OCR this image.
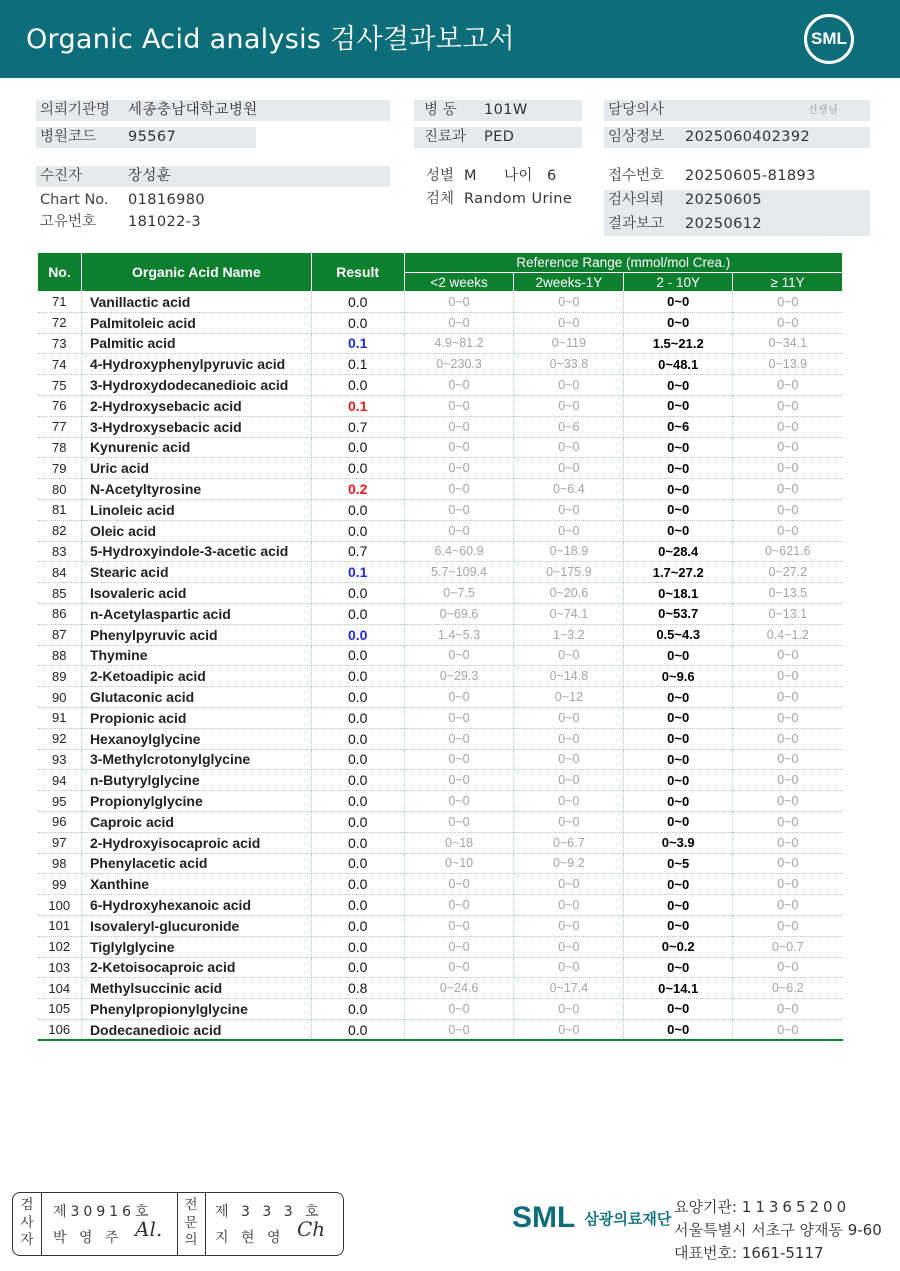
Organic Acid analysis 검사결과보고서	SML
의뢰기관명 세종충남대학교병원
병원코드 95567
수진자	장성훈
Chart No. 01816980
고유번호 181022-3
병 동 101W
진료과 PED
성별 M 나이 6
검체 Random Urine
담당의사	선생님
임상정보 2025060402392
접수번호 20250605-81893
검사의뢰 20250605
결과보고 20250612
No.	Organic Acid Name	Result	Reference Range (mmol/mol Crea.)			
			<2 weeks	2weeks-1Y	2 - 10Y	≥ 11Y
71	Vanillactic acid	0.0	0~0	0~0	0~0	0~0
72	Palmitoleic acid	0.0	0~0	0~0	0~0	0~0
73	Palmitic acid	0.1	4.9~81.2	0~119	1.5~21.2	0~34.1
74	4-Hydroxyphenylpyruvic acid	0.1	0~230.3	0~33.8	0~48.1	0~13.9
75	3-Hydroxydodecanedioic acid	0.0	0~0	0~0	0~0	0~0
76	2-Hydroxysebacic acid	0.1	0~0	0~0	0~0	0~0
77	3-Hydroxysebacic acid	0.7	0~0	0~6	0~6	0~0
78	Kynurenic acid	0.0	0~0	0~0	0~0	0~0
79	Uric acid	0.0	0~0	0~0	0~0	0~0
80	N-Acetyltyrosine	0.2	0~0	0~6.4	0~0	0~0
81	Linoleic acid	0.0	0~0	0~0	0~0	0~0
82	Oleic acid	0.0	0~0	0~0	0~0	0~0
83	5-Hydroxyindole-3-acetic acid	0.7	6.4~60.9	0~18.9	0~28.4	0~621.6
84	Stearic acid	0.1	5.7~109.4	0~175.9	1.7~27.2	0~27.2
85	Isovaleric acid	0.0	0~7.5	0~20.6	0~18.1	0~13.5
86	n-Acetylaspartic acid	0.0	0~69.6	0~74.1	0~53.7	0~13.1
87	Phenylpyruvic acid	0.0	1.4~5.3	1~3.2	0.5~4.3	0.4~1.2
88	Thymine	0.0	0~0	0~0	0~0	0~0
89	2-Ketoadipic acid	0.0	0~29.3	0~14.8	0~9.6	0~0
90	Glutaconic acid	0.0	0~0	0~12	0~0	0~0
91	Propionic acid	0.0	0~0	0~0	0~0	0~0
92	Hexanoylglycine	0.0	0~0	0~0	0~0	0~0
93	3-Methylcrotonylglycine	0.0	0~0	0~0	0~0	0~0
94	n-Butyrylglycine	0.0	0~0	0~0	0~0	0~0
95	Propionylglycine	0.0	0~0	0~0	0~0	0~0
96	Caproic acid	0.0	0~0	0~0	0~0	0~0
97	2-Hydroxyisocaproic acid	0.0	0~18	0~6.7	0~3.9	0~0
98	Phenylacetic acid	0.0	0~10	0~9.2	0~5	0~0
99	Xanthine	0.0	0~0	0~0	0~0	0~0
100	6-Hydroxyhexanoic acid	0.0	0~0	0~0	0~0	0~0
101	Isovaleryl-glucuronide	0.0	0~0	0~0	0~0	0~0
102	Tiglylglycine	0.0	0~0	0~0	0~0.2	0~0.7
103	2-Ketoisocaproic acid	0.0	0~0	0~0	0~0	0~0
104	Methylsuccinic acid	0.8	0~24.6	0~17.4	0~14.1	0~6.2
105	Phenylpropionylglycine	0.0	0~0	0~0	0~0	0~0
106	Dodecanedioic acid	0.0	0~0	0~0	0~0	0~0
검
사
자
제30916호
박 영 주 Al.
전
문
의
제 3 3 3 호
지 현 영 Ch	SML 삼광의료재단
요양기관: 11365200
서울특별시 서초구 양재동 9-60
대표번호: 1661-5117
